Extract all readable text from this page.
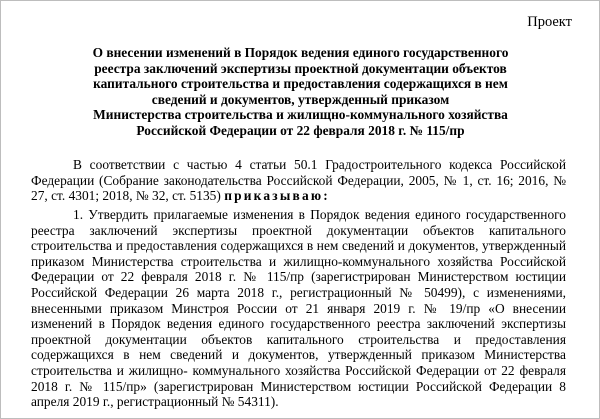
Проект

О внесении изменений в Порядок ведения единого государственного
реестра заключений экспертизы проектной документации объектов
капитального строительства и предоставления содержащихся в нем
сведений и документов, утвержденный приказом
Министерства строительства и жилищно-коммунального хозяйства
Российской Федерации от 22 февраля 2018 г. № 115/пр

В соответствии с частью 4 статьи 50.1 Градостроительного кодекса Российской Федерации (Собрание законодательства Российской Федерации, 2005, № 1, ст. 16; 2016, № 27, ст. 4301; 2018, № 32, ст. 5135) приказываю:

1. Утвердить прилагаемые изменения в Порядок ведения единого государственного реестра заключений экспертизы проектной документации объектов капитального строительства и предоставления содержащихся в нем сведений и документов, утвержденный приказом Министерства строительства и жилищно-коммунального хозяйства Российской Федерации от 22 февраля 2018 г. № 115/пр (зарегистрирован Министерством юстиции Российской Федерации 26 марта 2018 г., регистрационный № 50499), с изменениями, внесенными приказом Минстроя России от 21 января 2019 г. № 19/пр «О внесении изменений в Порядок ведения единого государственного реестра заключений экспертизы проектной документации объектов капитального строительства и предоставления содержащихся в нем сведений и документов, утвержденный приказом Министерства строительства и жилищно- коммунального хозяйства Российской Федерации от 22 февраля 2018 г. № 115/пр» (зарегистрирован Министерством юстиции Российской Федерации 8 апреля 2019 г., регистрационный № 54311).
